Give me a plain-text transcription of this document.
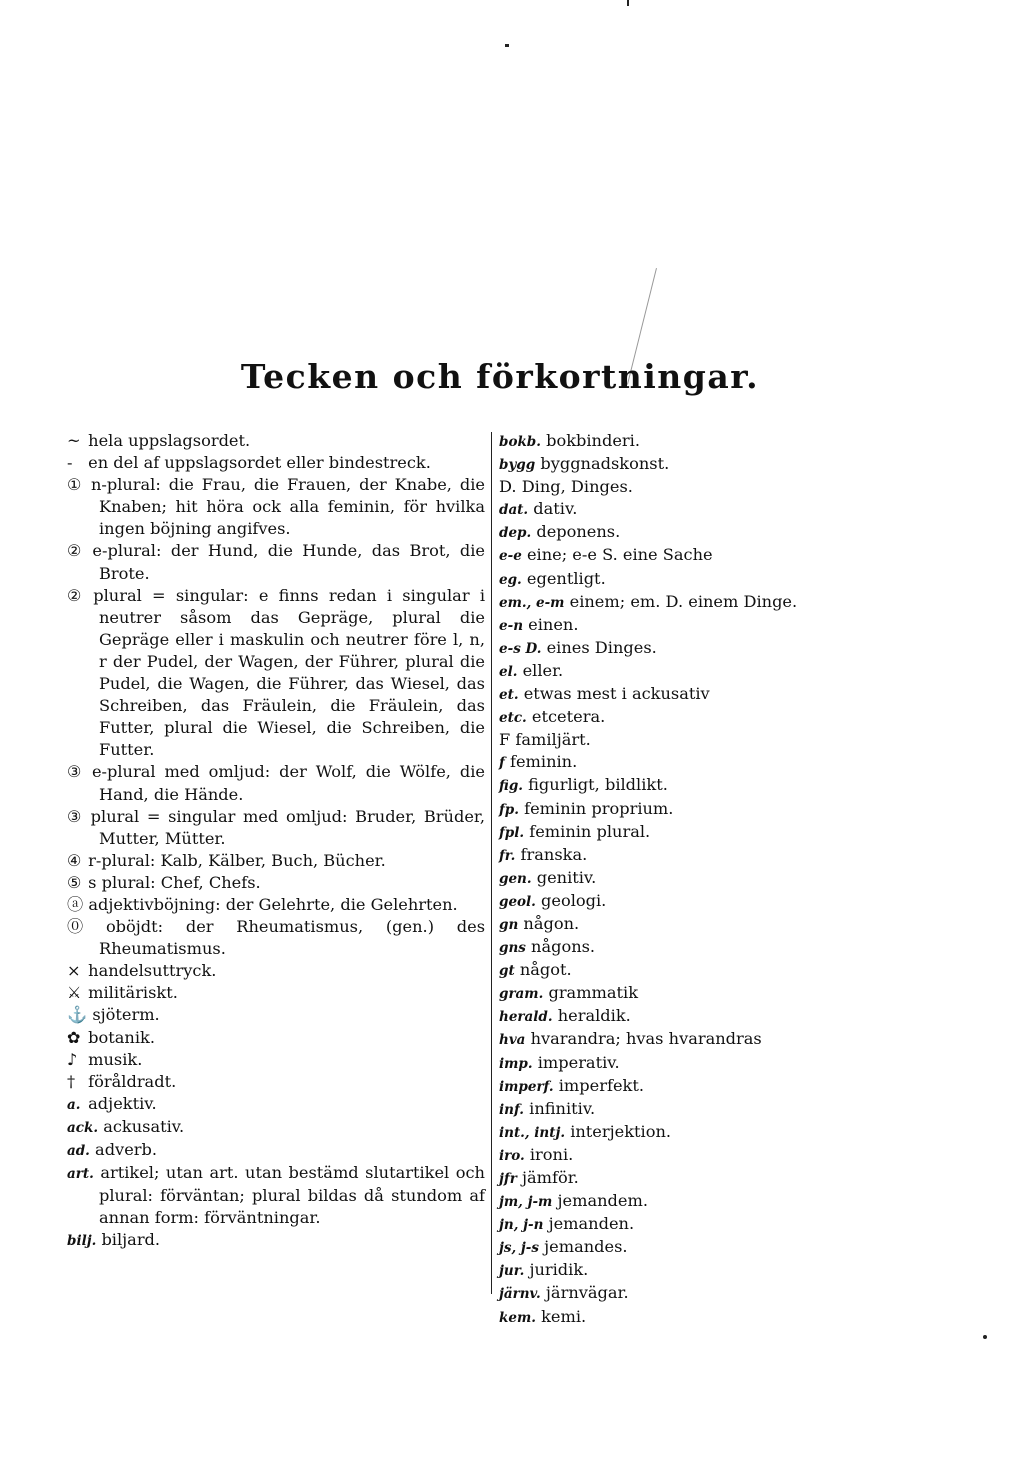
Tecken och förkortningar.
~ hela uppslagsordet.
- en del af uppslagsordet eller bindestreck.
① n-plural: die Frau, die Frauen, der Knabe, die Knaben; hit höra ock alla feminin, för hvilka ingen böjning angifves.
② e-plural: der Hund, die Hunde, das Brot, die Brote.
② plural = singular: e finns redan i singular i neutrer såsom das Gepräge, plural die Gepräge eller i maskulin och neutrer före l, n, r der Pudel, der Wagen, der Führer, plural die Pudel, die Wagen, die Führer, das Wiesel, das Schreiben, das Fräulein, die Fräulein, das Futter, plural die Wiesel, die Schreiben, die Futter.
③ e-plural med omljud: der Wolf, die Wölfe, die Hand, die Hände.
③ plural = singular med omljud: Bruder, Brüder, Mutter, Mütter.
④ r-plural: Kalb, Kälber, Buch, Bücher.
⑤ s plural: Chef, Chefs.
ⓐ adjektivböjning: der Gelehrte, die Gelehrten.
⓪ oböjdt: der Rheumatismus, (gen.) des Rheumatismus.
× handelsuttryck.
⚔ militäriskt.
⚓ sjöterm.
✿ botanik.
♪ musik.
† föråldradt.
a. adjektiv.
ack. ackusativ.
ad. adverb.
art. artikel; utan art. utan bestämd slutartikel och plural: förväntan; plural bildas då stundom af annan form: förväntningar.
bilj. biljard.
bokb. bokbinderi.
bygg byggnadskonst.
D. Ding, Dinges.
dat. dativ.
dep. deponens.
e-e eine; e-e S. eine Sache
eg. egentligt.
em., e-m einem; em. D. einem Dinge.
e-n einen.
e-s D. eines Dinges.
el. eller.
et. etwas mest i ackusativ
etc. etcetera.
F familjärt.
f feminin.
fig. figurligt, bildlikt.
fp. feminin proprium.
fpl. feminin plural.
fr. franska.
gen. genitiv.
geol. geologi.
gn någon.
gns någons.
gt något.
gram. grammatik
herald. heraldik.
hva hvarandra; hvas hvarandras
imp. imperativ.
imperf. imperfekt.
inf. infinitiv.
int., intj. interjektion.
iro. ironi.
jfr jämför.
jm, j-m jemandem.
jn, j-n jemanden.
js, j-s jemandes.
jur. juridik.
järnv. järnvägar.
kem. kemi.
